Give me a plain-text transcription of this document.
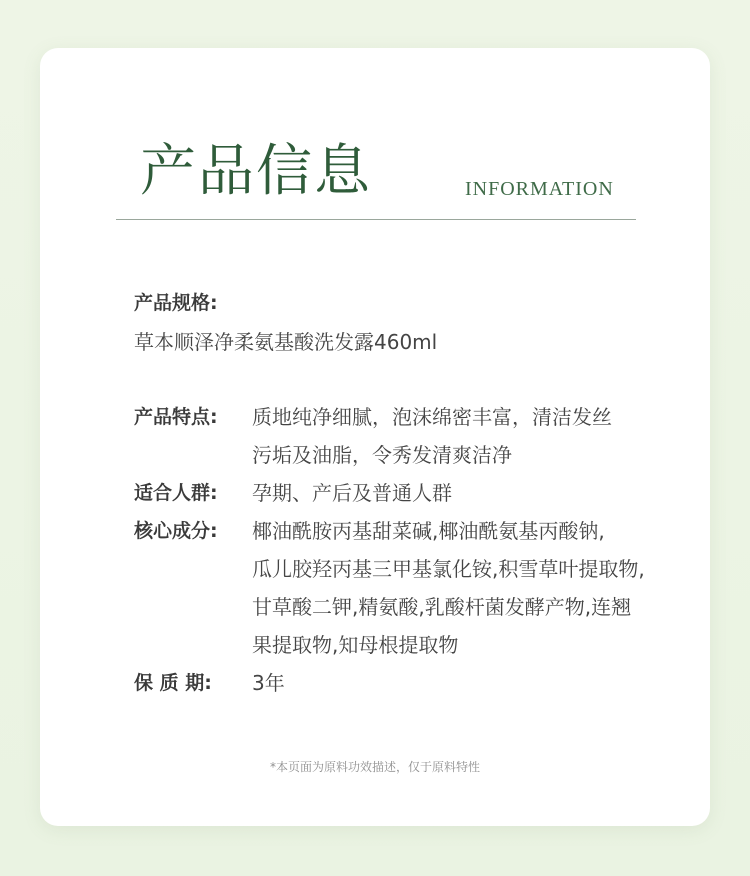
产品信息	INFORMATION
产品规格:
草本顺泽净柔氨基酸洗发露460ml
产品特点:	质地纯净细腻，泡沫绵密丰富，清洁发丝
污垢及油脂，令秀发清爽洁净
适合人群:	孕期、产后及普通人群
核心成分:	椰油酰胺丙基甜菜碱,椰油酰氨基丙酸钠,
瓜儿胶羟丙基三甲基氯化铵,积雪草叶提取物,
甘草酸二钾,精氨酸,乳酸杆菌发酵产物,连翘
果提取物,知母根提取物
保 质 期:	3年
*本页面为原料功效描述，仅于原料特性
